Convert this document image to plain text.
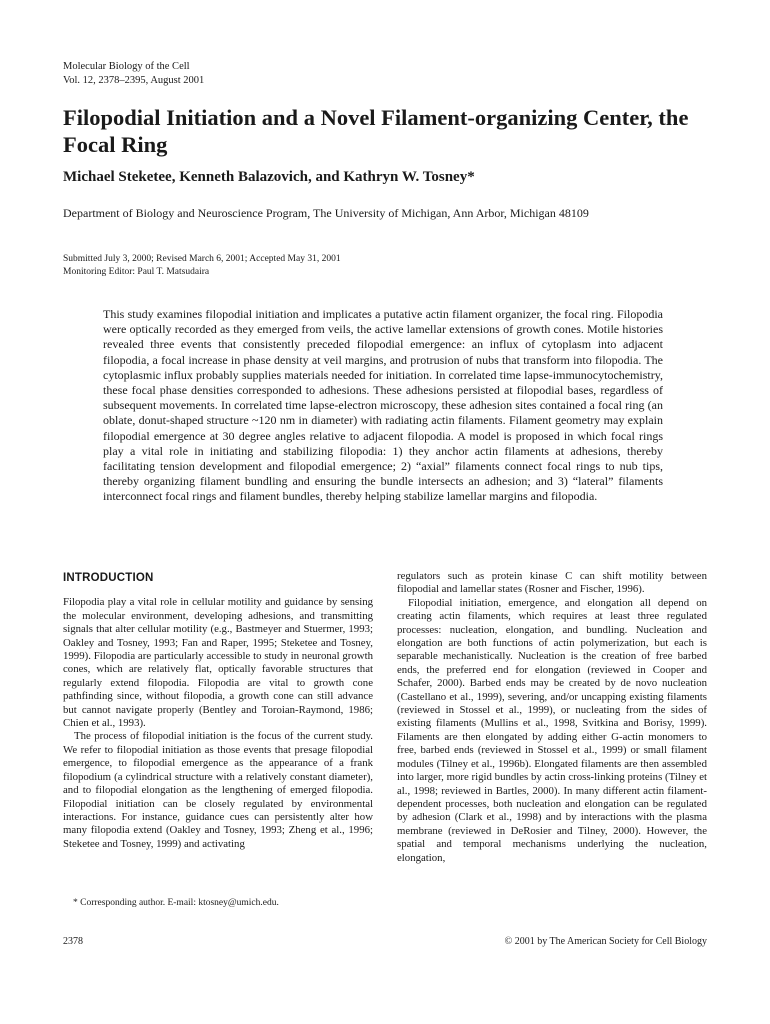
Molecular Biology of the Cell
Vol. 12, 2378–2395, August 2001
Filopodial Initiation and a Novel Filament-organizing Center, the Focal Ring
Michael Steketee, Kenneth Balazovich, and Kathryn W. Tosney*
Department of Biology and Neuroscience Program, The University of Michigan, Ann Arbor, Michigan 48109
Submitted July 3, 2000; Revised March 6, 2001; Accepted May 31, 2001
Monitoring Editor: Paul T. Matsudaira
This study examines filopodial initiation and implicates a putative actin filament organizer, the focal ring. Filopodia were optically recorded as they emerged from veils, the active lamellar extensions of growth cones. Motile histories revealed three events that consistently preceded filopodial emergence: an influx of cytoplasm into adjacent filopodia, a focal increase in phase density at veil margins, and protrusion of nubs that transform into filopodia. The cytoplasmic influx probably supplies materials needed for initiation. In correlated time lapse-immunocytochemistry, these focal phase densities corresponded to adhesions. These adhesions persisted at filopodial bases, regardless of subsequent movements. In correlated time lapse-electron microscopy, these adhesion sites contained a focal ring (an oblate, donut-shaped structure ~120 nm in diameter) with radiating actin filaments. Filament geometry may explain filopodial emergence at 30 degree angles relative to adjacent filopodia. A model is proposed in which focal rings play a vital role in initiating and stabilizing filopodia: 1) they anchor actin filaments at adhesions, thereby facilitating tension development and filopodial emergence; 2) “axial” filaments connect focal rings to nub tips, thereby organizing filament bundling and ensuring the bundle intersects an adhesion; and 3) “lateral” filaments interconnect focal rings and filament bundles, thereby helping stabilize lamellar margins and filopodia.
INTRODUCTION

Filopodia play a vital role in cellular motility and guidance by sensing the molecular environment, developing adhesions, and transmitting signals that alter cellular motility (e.g., Bastmeyer and Stuermer, 1993; Oakley and Tosney, 1993; Fan and Raper, 1995; Steketee and Tosney, 1999). Filopodia are particularly accessible to study in neuronal growth cones, which are relatively flat, optically favorable structures that regularly extend filopodia. Filopodia are vital to growth cone pathfinding since, without filopodia, a growth cone can still advance but cannot navigate properly (Bentley and Toroian-Raymond, 1986; Chien et al., 1993).

The process of filopodial initiation is the focus of the current study. We refer to filopodial initiation as those events that presage filopodial emergence, to filopodial emergence as the appearance of a frank filopodium (a cylindrical structure with a relatively constant diameter), and to filopodial elongation as the lengthening of emerged filopodia. Filopodial initiation can be closely regulated by environmental interactions. For instance, guidance cues can persistently alter how many filopodia extend (Oakley and Tosney, 1993; Zheng et al., 1996; Steketee and Tosney, 1999) and activating

regulators such as protein kinase C can shift motility between filopodial and lamellar states (Rosner and Fischer, 1996).

Filopodial initiation, emergence, and elongation all depend on creating actin filaments, which requires at least three regulated processes: nucleation, elongation, and bundling. Nucleation and elongation are both functions of actin polymerization, but each is separable mechanistically. Nucleation is the creation of free barbed ends, the preferred end for elongation (reviewed in Cooper and Schafer, 2000). Barbed ends may be created by de novo nucleation (Castellano et al., 1999), severing, and/or uncapping existing filaments (reviewed in Stossel et al., 1999), or nucleating from the sides of existing filaments (Mullins et al., 1998, Svitkina and Borisy, 1999). Filaments are then elongated by adding either G-actin monomers to free, barbed ends (reviewed in Stossel et al., 1999) or small filament modules (Tilney et al., 1996b). Elongated filaments are then assembled into larger, more rigid bundles by actin cross-linking proteins (Tilney et al., 1998; reviewed in Bartles, 2000). In many different actin filament-dependent processes, both nucleation and elongation can be regulated by adhesion (Clark et al., 1998) and by interactions with the plasma membrane (reviewed in DeRosier and Tilney, 2000). However, the spatial and temporal mechanisms underlying the nucleation, elongation,

* Corresponding author. E-mail: ktosney@umich.edu.
2378	© 2001 by The American Society for Cell Biology
